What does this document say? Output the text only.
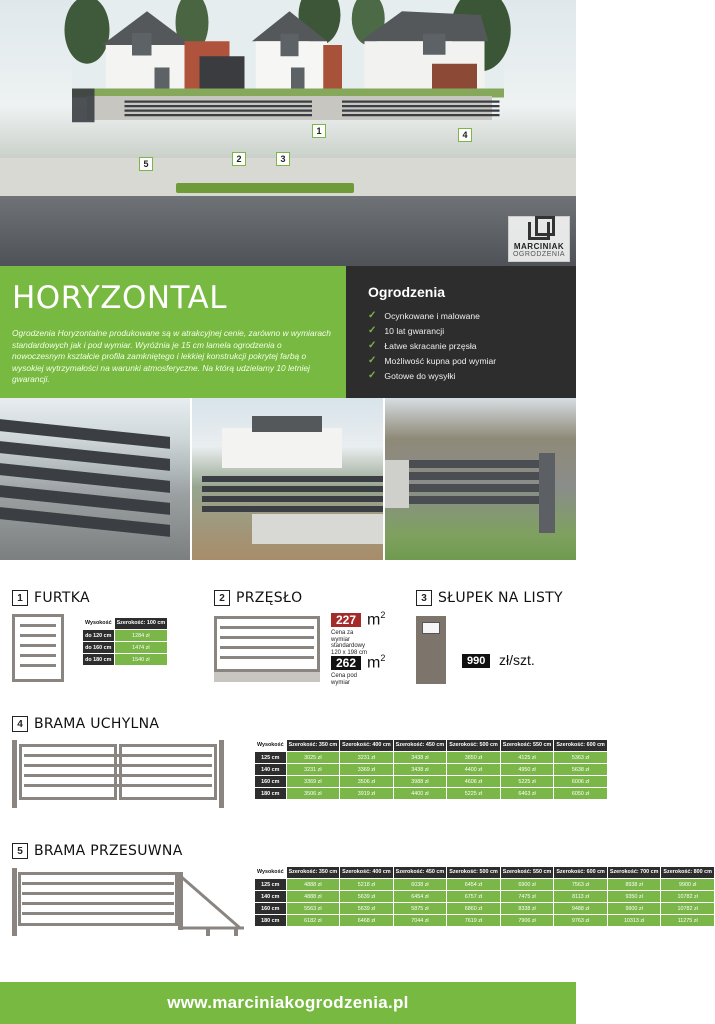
1
2	3
4
5
MARCINIAK
OGRODZENIA
HORYZONTAL

Ogrodzenia Horyzontalne produkowane są w atrakcyjnej cenie, zarówno w wymiarach standardowych jak i pod wymiar. Wyróżnia je 15 cm lamela ogrodzenia o nowoczesnym kształcie profila zamkniętego i lekkiej konstrukcji pokrytej farbą o wysokiej wytrzymałości na warunki atmosferyczne. Na którą udzielamy 10 letniej gwarancji.

Ogrodzenia
✓ Ocynkowane i malowane
✓ 10 lat gwarancji
✓ Łatwe skracanie przęsła
✓ Możliwość kupna pod wymiar
✓ Gotowe do wysyłki
1 FURTKA
Wysokość	Szerokość: 100 cm
do 120 cm	1284 zł
do 160 cm	1474 zł
do 180 cm	1540 zł
2 PRZĘSŁO
227 $m^2$
Cena za
wymiar
standardowy
120 x 198 cm
262 $m^2$
Cena pod
wymiar
3 SŁUPEK NA LISTY
990 zł/szt.
4 BRAMA UCHYLNA
Wysokość	Szerokość: 350 cm	Szerokość: 400 cm	Szerokość: 450 cm	Szerokość: 500 cm	Szerokość: 550 cm	Szerokość: 600 cm
125 cm	3025 zł	3231 zł	3438 zł	3850 zł	4125 zł	5363 zł
140 cm	3231 zł	3369 zł	3438 zł	4400 zł	4950 zł	5638 zł
160 cm	3369 zł	3506 zł	3988 zł	4606 zł	5225 zł	6006 zł
180 cm	3506 zł	3919 zł	4400 zł	5225 zł	6463 zł	6050 zł
5 BRAMA PRZESUWNA
Wysokość	Szerokość: 350 cm	Szerokość: 400 cm	Szerokość: 450 cm	Szerokość: 500 cm	Szerokość: 550 cm	Szerokość: 600 cm	Szerokość: 700 cm	Szerokość: 800 cm
125 cm	4888 zł	5218 zł	6038 zł	6454 zł	6900 zł	7563 zł	8938 zł	9900 zł
140 cm	4888 zł	5639 zł	6454 zł	6757 zł	7475 zł	8113 zł	9350 zł	10782 zł
160 cm	5563 zł	5639 zł	5875 zł	6860 zł	8338 zł	9488 zł	9900 zł	10782 zł
180 cm	6182 zł	6468 zł	7044 zł	7619 zł	7906 zł	9763 zł	10313 zł	11275 zł
www.marciniakogrodzenia.pl
